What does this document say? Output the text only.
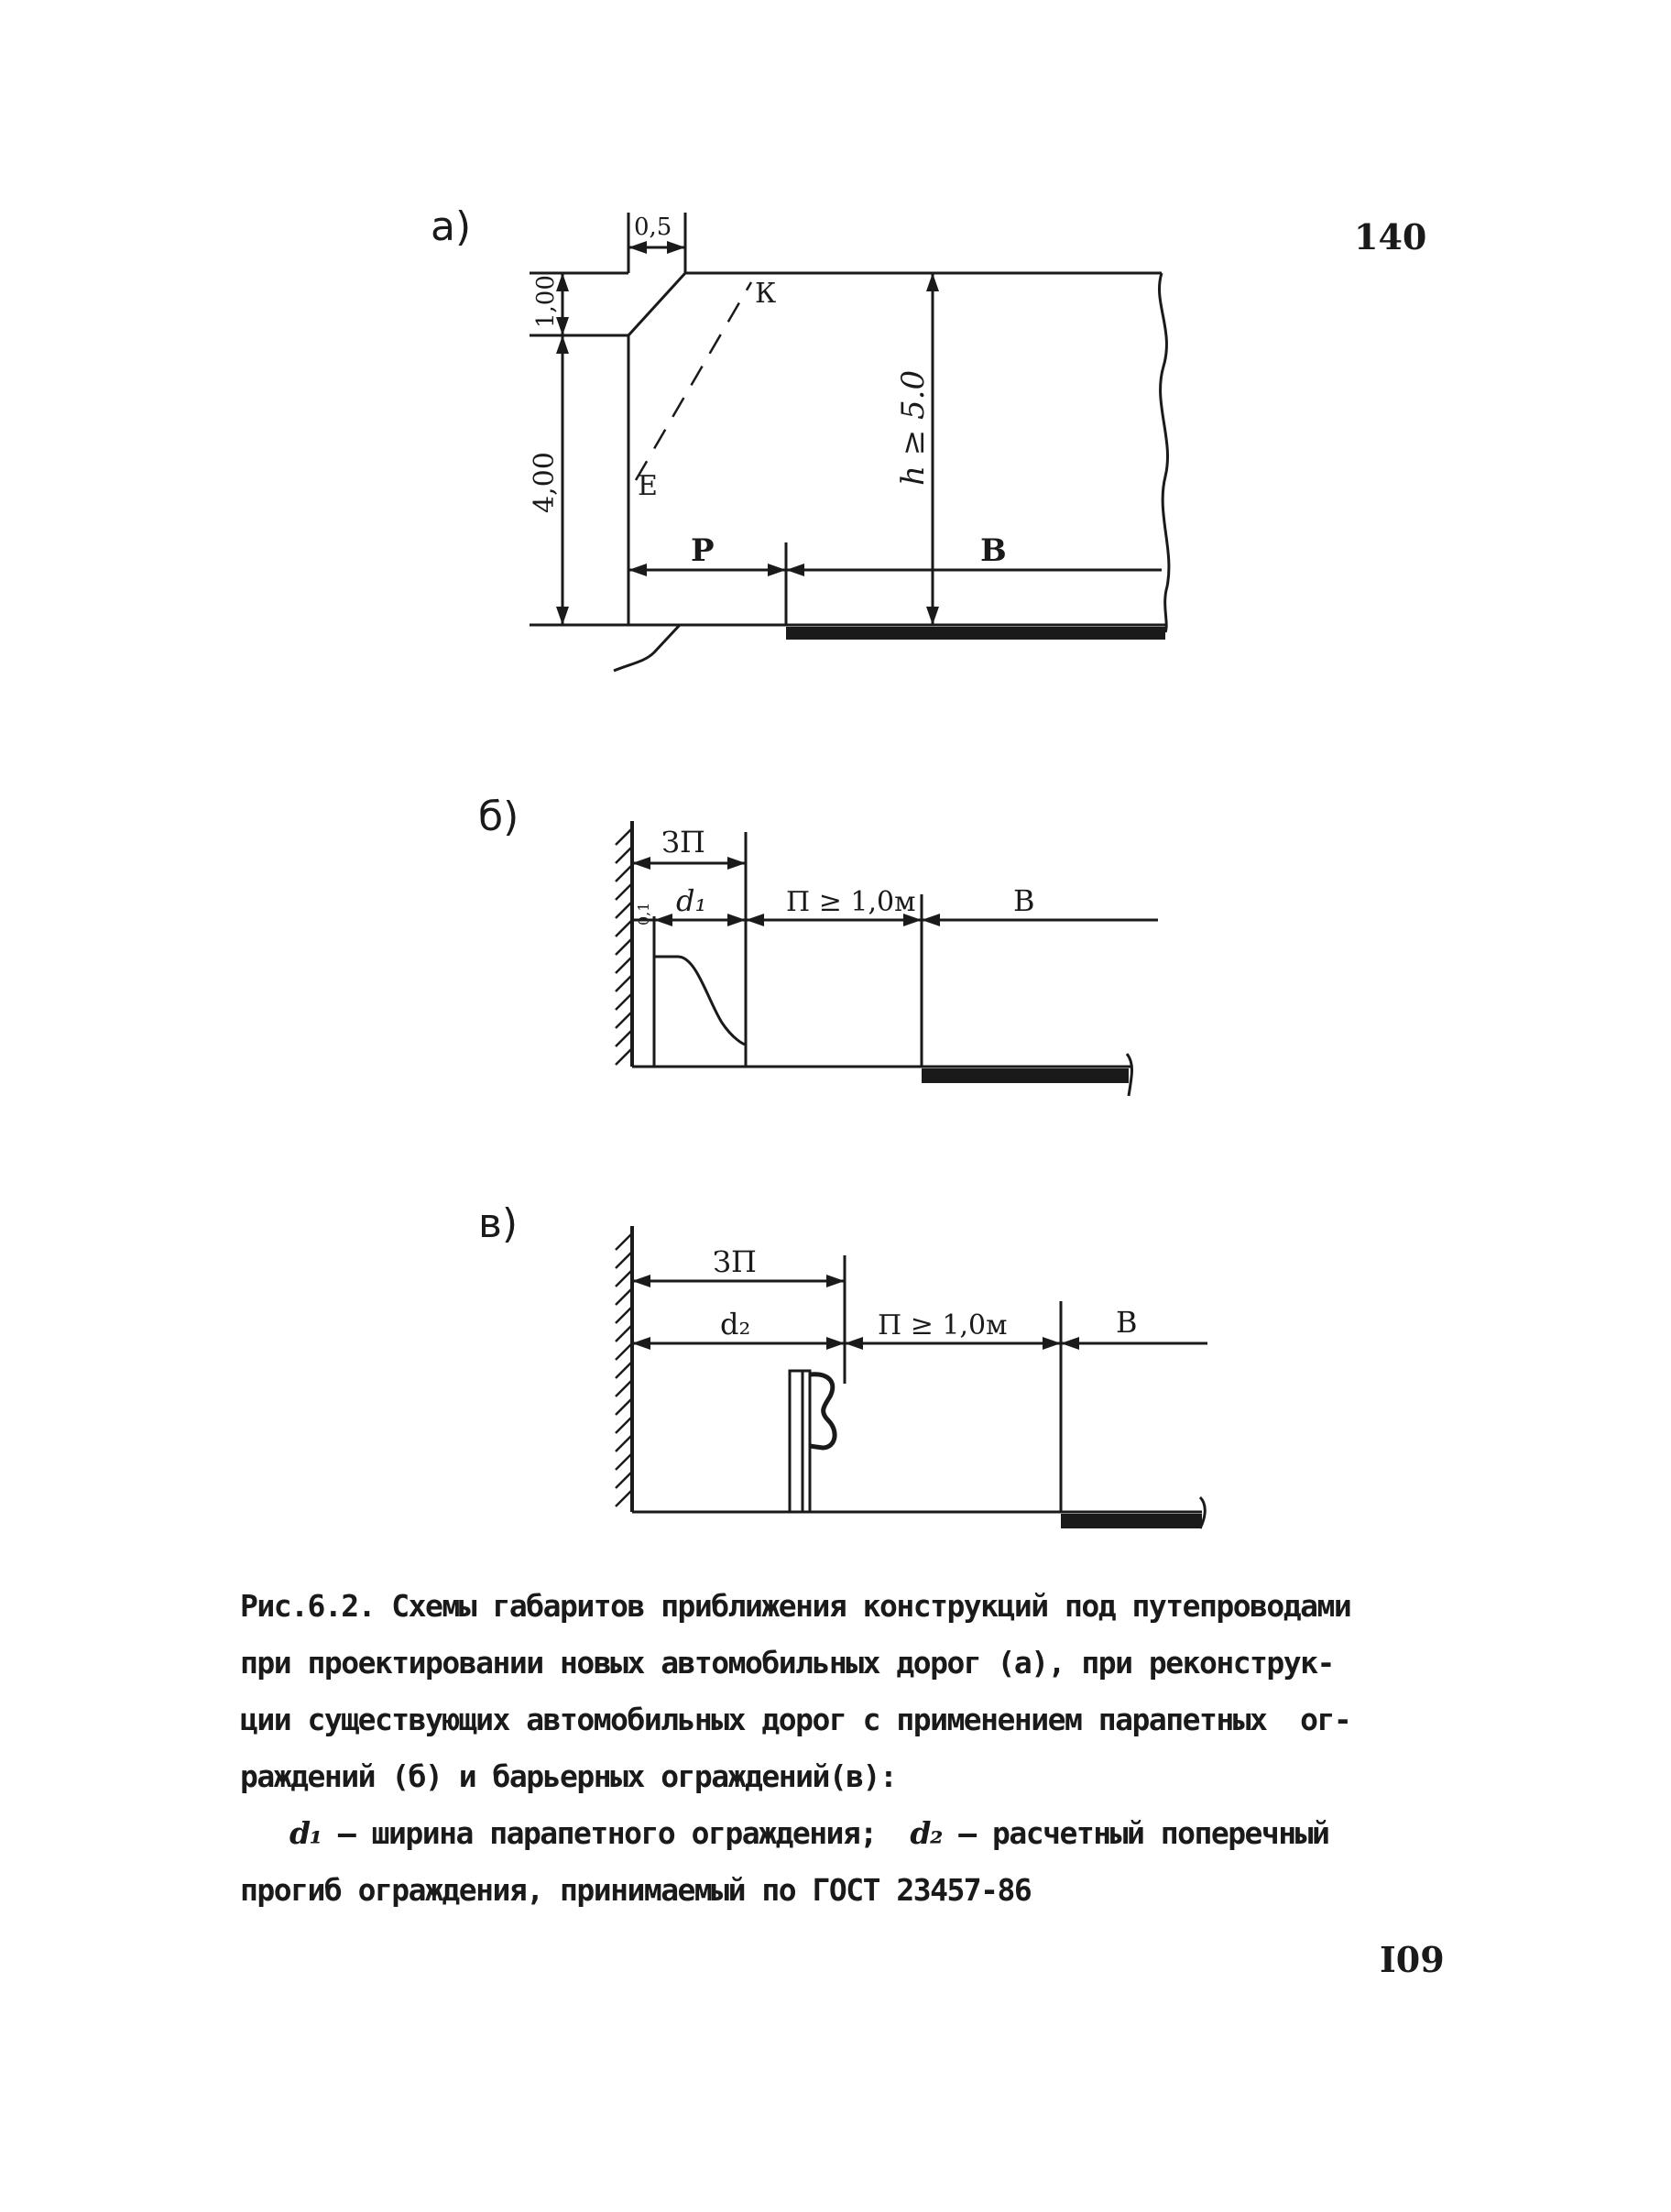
140
I09
а)
б)
в)
0,5
1,00
4,00
К
Е
h ≥ 5.0
Р	В
ЗП
0,1 d₁	П ≥ 1,0м	В
ЗП
d₂	П ≥ 1,0м	В

Рис.6.2. Схемы габаритов приближения конструкций под путепроводами

при проектировании новых автомобильных дорог (а), при реконструк-

ции существующих автомобильных дорог с применением парапетных  ог-

раждений (б) и барьерных ограждений(в):

d₁ – ширина парапетного ограждения;  d₂ – расчетный поперечный

прогиб ограждения, принимаемый по ГОСТ 23457-86
